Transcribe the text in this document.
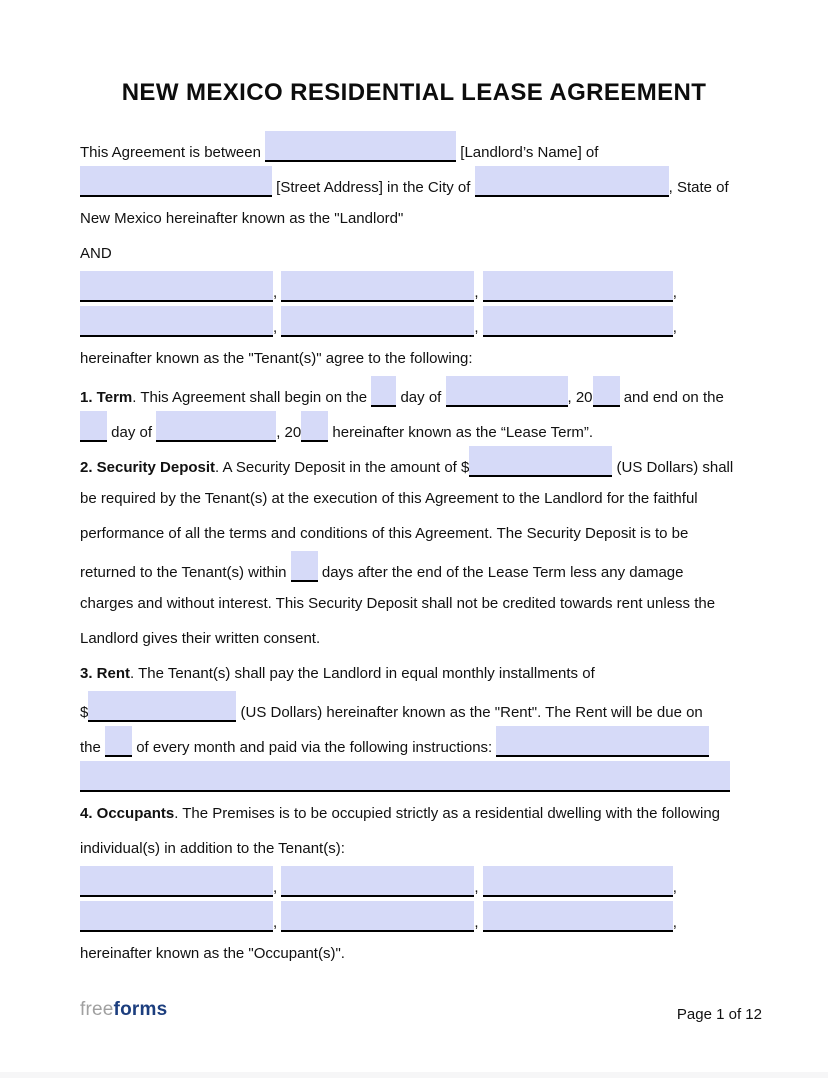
NEW MEXICO RESIDENTIAL LEASE AGREEMENT
This Agreement is between	[Landlord’s Name] of
[Street Address] in the City of	, State of
New Mexico hereinafter known as the "Landlord"
AND
,	,	,
,	,	,
hereinafter known as the "Tenant(s)" agree to the following:
1. Term. This Agreement shall begin on the  day of	, 20 and end on the
day of	, 20 hereinafter known as the “Lease Term”.
2. Security Deposit. A Security Deposit in the amount of $	(US Dollars) shall
be required by the Tenant(s) at the execution of this Agreement to the Landlord for the faithful
performance of all the terms and conditions of this Agreement. The Security Deposit is to be
returned to the Tenant(s) within  days after the end of the Lease Term less any damage
charges and without interest. This Security Deposit shall not be credited towards rent unless the
Landlord gives their written consent.
3. Rent. The Tenant(s) shall pay the Landlord in equal monthly installments of
$	(US Dollars) hereinafter known as the "Rent". The Rent will be due on
the  of every month and paid via the following instructions:
4. Occupants. The Premises is to be occupied strictly as a residential dwelling with the following
individual(s) in addition to the Tenant(s):
,	,	,
,	,	,
hereinafter known as the "Occupant(s)".
freeforms	Page 1 of 12
